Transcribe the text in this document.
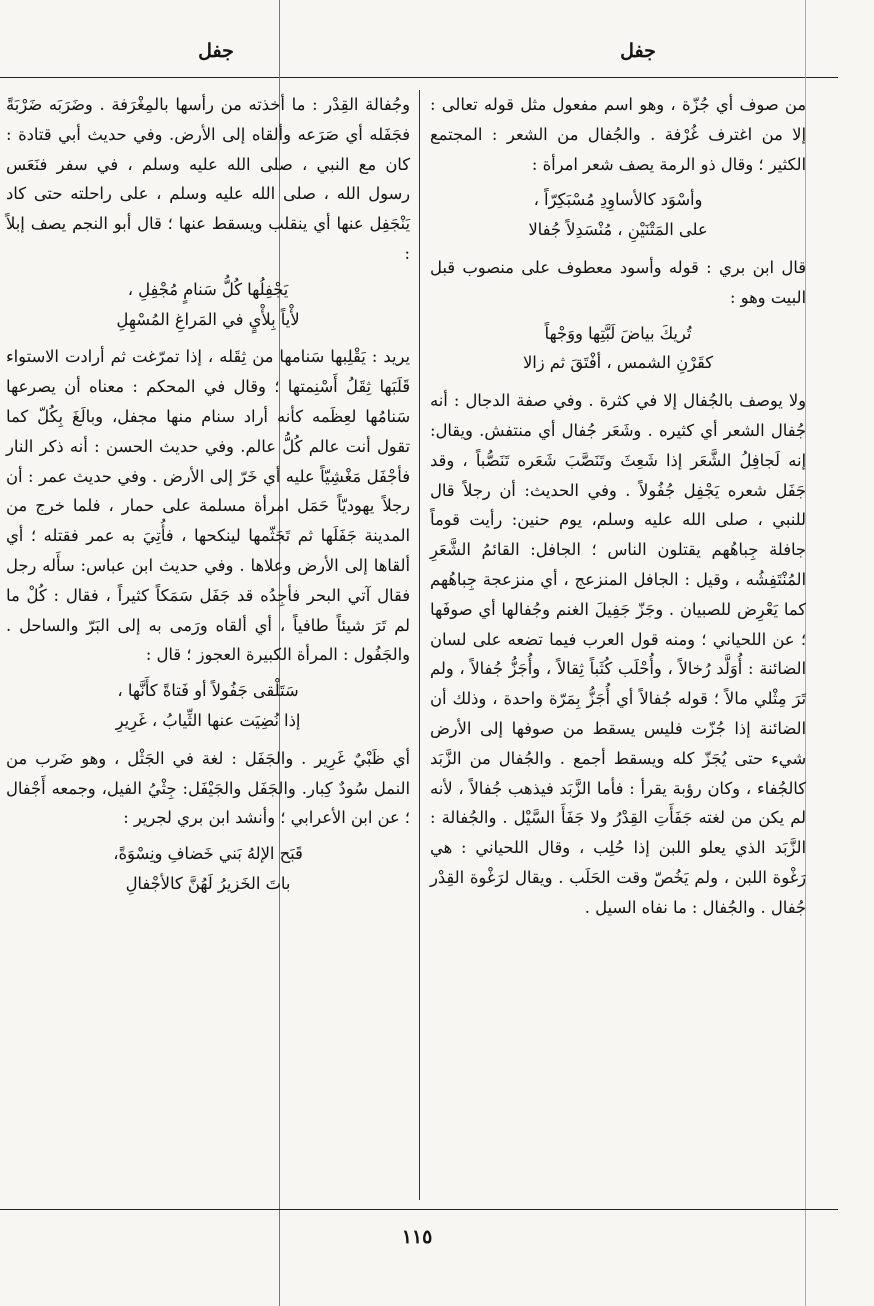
جفل
جفل

من صوف أي جُزّة ، وهو اسم مفعول مثل قوله تعالى : إلا من اغترف غُرْفة . والجُفال من الشعر : المجتمع الكثير ؛ وقال ذو الرمة يصف شعر امرأة :

وأسْوَد كالأساوِدِ مُسْبَكِرّاً ،
على المَتْنَيْنِ ، مُنْسَدِلاً جُفالا

قال ابن بري : قوله وأسود معطوف على منصوب قبل البيت وهو :

تُريكَ بياضَ لَبَّتِها ووَجْهاً
كقَرْنِ الشمس ، أفْتَقَ ثم زالا

ولا يوصف بالجُفال إلا في كثرة . وفي صفة الدجال : أنه جُفال الشعر أي كثيره . وشَعَر جُفال أي منتفش. ويقال: إنه لَجافِلُ الشَّعَر إذا شَعِثَ وتَنَصَّبَ شَعَره تَنَصُّباً ، وقد جَفَل شعره يَجْفِل جُفُولاً . وفي الحديث: أن رجلاً قال للنبي ، صلى الله عليه وسلم، يوم حنين: رأيت قوماً جافلة جِباهُهم يقتلون الناس ؛ الجافل: القائمُ الشَّعَرِ المُنْتَفِشُه ، وقيل : الجافل المنزعج ، أي منزعجة جِباهُهم كما يَعْرِض للصبيان . وجَزّ جَفِيلَ الغنم وجُفالها أي صوفَها ؛ عن اللحياني ؛ ومنه قول العرب فيما تضعه على لسان الضائنة : أُوَلَّد رُخالاً ، وأُحْلَب كُثَباً ثِقالاً ، وأُجَزُّ جُفالاً ، ولم تَرَ مِثْلي مالاً ؛ قوله جُفالاً أي أُجَزُّ بِمَرّة واحدة ، وذلك أن الضائنة إذا جُزّت فليس يسقط من صوفها إلى الأرض شيء حتى يُجَزّ كله ويسقط أجمع . والجُفال من الزَّبَد كالجُفاء ، وكان رؤبة يقرأ : فأما الزَّبَد فيذهب جُفالاً ، لأنه لم يكن من لغته جَفَأَتِ القِدْرُ ولا جَفَأَ السَّيْل . والجُفالة : الزَّبَد الذي يعلو اللبن إذا حُلِب ، وقال اللحياني : هي رَغْوة اللبن ، ولم يَخُصّ وقت الحَلَب . ويقال لرَغْوة القِدْر جُفال . والجُفال : ما نفاه السيل .

وجُفالة القِدْر : ما أخذته من رأسها بالمِغْرَفة . وضَرَبَه ضَرْبَةً فجَفَله أي صَرَعه وألقاه إلى الأرض. وفي حديث أبي قتادة : كان مع النبي ، صلى الله عليه وسلم ، في سفر فنَعَس رسول الله ، صلى الله عليه وسلم ، على راحلته حتى كاد يَنْجَفِل عنها أي ينقلب ويسقط عنها ؛ قال أبو النجم يصف إبلاً :

يَجْفِلُها كُلُّ سَنامٍ مُجْفِلِ ،
لأْياً بِلأْيٍ في المَراغِ المُسْهِلِ

يريد : يَقْلِبها سَنامها من ثِقَله ، إذا تمرّغت ثم أرادت الاستواء قَلَبَها ثِقَلُ أَسْنِمتها ؛ وقال في المحكم : معناه أن يصرعها سَنامُها لعِظَمه كأنه أراد سنام منها مجفل، وبالَغَ بِكُلّ كما تقول أنت عالم كُلُّ عالم. وفي حديث الحسن : أنه ذكر النار فأجْفَل مَغْشِيّاً عليه أي خَرّ إلى الأرض . وفي حديث عمر : أن رجلاً يهوديّاً حَمَل امرأة مسلمة على حمار ، فلما خرج من المدينة جَفَلَها ثم تَجَثّمها لينكحها ، فأُتِيَ به عمر فقتله ؛ أي ألقاها إلى الأرض وعلاها . وفي حديث ابن عباس: سأَله رجل فقال آتي البحر فأجِدُه قد جَفَل سَمَكاً كثيراً ، فقال : كُلْ ما لم تَرَ شيئاً طافياً ، أي ألقاه ورَمى به إلى البَرّ والساحل . والجَفُول : المرأة الكبيرة العجوز ؛ قال :

سَتَلْقى جَفُولاً أو فَتاةً كأَنَّها ،
إذا نُضِيَت عنها الثِّيابُ ، غَرِيرِ

أي ظَبْيٌ غَرِير . والجَفَل : لغة في الجَثْل ، وهو ضَرب من النمل سُودٌ كِبار. والجَفَل والجَيْفَل: جِثْيُ الفيل، وجمعه أَجْفال ؛ عن ابن الأعرابي ؛ وأنشد ابن بري لجرير :

قَبَح الإلهُ بَني خَضافِ ونِسْوَةً،
باتَ الخَزيرُ لَهُنَّ كالأجْفالِ
١١٥
